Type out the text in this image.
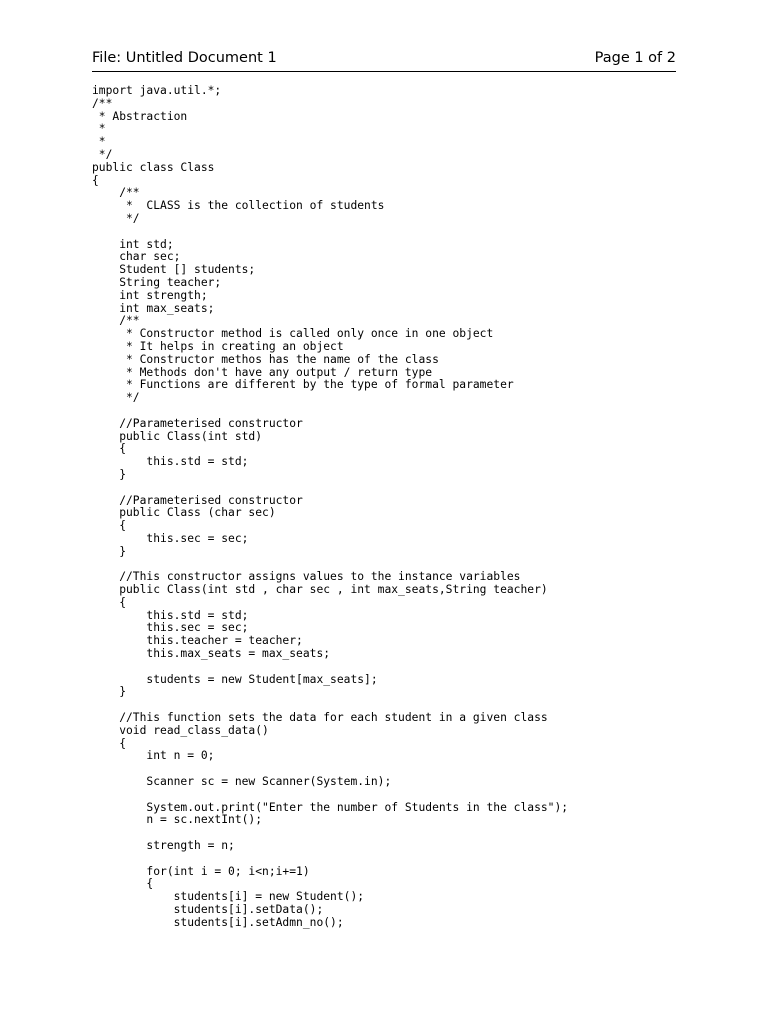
File: Untitled Document 1	Page 1 of 2
import java.util.*;
/**
* Abstraction
*
*
*/
public class Class
{
/**
*  CLASS is the collection of students
*/
int std;
char sec;
Student [] students;
String teacher;
int strength;
int max_seats;
/**
* Constructor method is called only once in one object
* It helps in creating an object
* Constructor methos has the name of the class
* Methods don't have any output / return type
* Functions are different by the type of formal parameter
*/
//Parameterised constructor
public Class(int std)
{
this.std = std;
}
//Parameterised constructor
public Class (char sec)
{
this.sec = sec;
}
//This constructor assigns values to the instance variables
public Class(int std , char sec , int max_seats,String teacher)
{
this.std = std;
this.sec = sec;
this.teacher = teacher;
this.max_seats = max_seats;
students = new Student[max_seats];
}
//This function sets the data for each student in a given class
void read_class_data()
{
int n = 0;
Scanner sc = new Scanner(System.in);
System.out.print("Enter the number of Students in the class");
n = sc.nextInt();
strength = n;
for(int i = 0; i<n;i+=1)
{
students[i] = new Student();
students[i].setData();
students[i].setAdmn_no();
